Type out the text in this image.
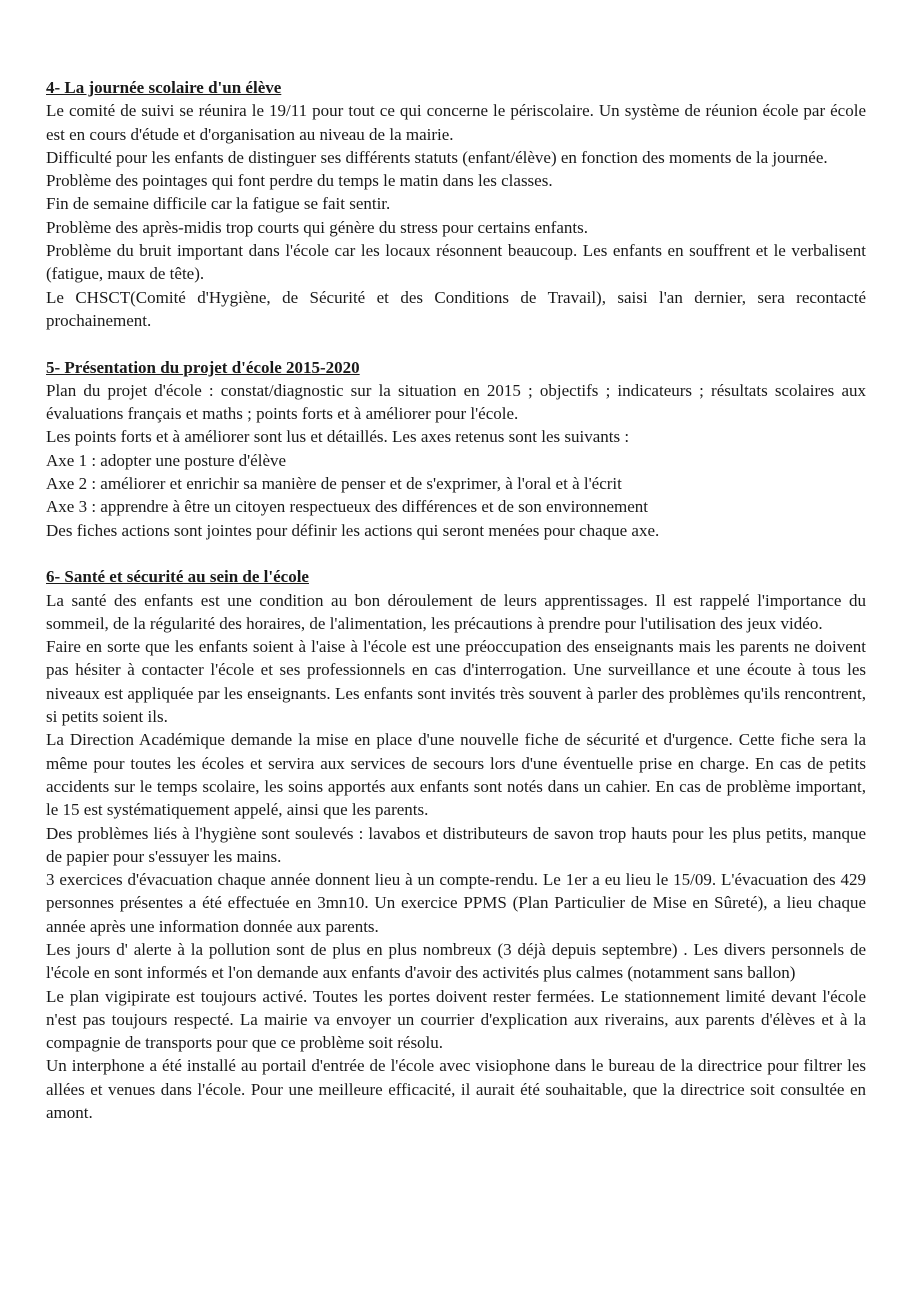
4- La journée scolaire d'un élève

Le comité de suivi se réunira le 19/11 pour tout ce qui concerne le périscolaire. Un système de réunion école par école est en cours d'étude et d'organisation au niveau de la mairie.

Difficulté pour les enfants de distinguer ses différents statuts (enfant/élève) en fonction des moments de la journée.

Problème des pointages qui font perdre du temps le matin dans les classes.

Fin de semaine difficile car la fatigue se fait sentir.

Problème des après-midis trop courts qui génère du stress pour certains enfants.

Problème du bruit important dans l'école car les locaux résonnent beaucoup. Les enfants en souffrent et le verbalisent (fatigue, maux de tête).

Le CHSCT(Comité d'Hygiène, de Sécurité et des Conditions de Travail), saisi l'an dernier, sera recontacté prochainement.

5- Présentation du projet d'école 2015-2020

Plan du projet d'école : constat/diagnostic sur la situation en 2015 ; objectifs ; indicateurs ; résultats scolaires aux évaluations français et maths ; points forts et à améliorer pour l'école.

Les points forts et à améliorer sont lus et détaillés. Les axes retenus sont les suivants :

Axe 1 : adopter une posture d'élève

Axe 2 : améliorer et enrichir sa manière de penser et de s'exprimer, à l'oral et à l'écrit

Axe 3 : apprendre à être un citoyen respectueux des différences et de son environnement

Des fiches actions sont jointes pour définir les actions qui seront menées pour chaque axe.

6- Santé et sécurité au sein de l'école

La santé des enfants est une condition au bon déroulement de leurs apprentissages. Il est rappelé l'importance du sommeil, de la régularité des horaires, de l'alimentation, les précautions à prendre pour l'utilisation des jeux vidéo.

Faire en sorte que les enfants soient à l'aise à l'école est une préoccupation des enseignants mais les parents ne doivent pas hésiter à contacter l'école et ses professionnels en cas d'interrogation. Une surveillance et une écoute à tous les niveaux est appliquée par les enseignants. Les enfants sont invités très souvent à parler des problèmes qu'ils rencontrent, si petits soient ils.

La Direction Académique demande la mise en place d'une nouvelle fiche de sécurité et d'urgence. Cette fiche sera la même pour toutes les écoles et servira aux services de secours lors d'une éventuelle prise en charge. En cas de petits accidents sur le temps scolaire, les soins apportés aux enfants sont notés dans un cahier. En cas de problème important, le 15 est systématiquement appelé, ainsi que les parents.

Des problèmes liés à l'hygiène sont soulevés : lavabos et distributeurs de savon trop hauts pour les plus petits, manque de papier pour s'essuyer les mains.

3 exercices d'évacuation chaque année donnent lieu à un compte-rendu. Le 1er a eu lieu le 15/09. L'évacuation des 429 personnes présentes a été effectuée en 3mn10. Un exercice PPMS (Plan Particulier de Mise en Sûreté), a lieu chaque année après une information donnée aux parents.

Les jours d' alerte à la pollution sont de plus en plus nombreux (3 déjà depuis septembre) . Les divers personnels de l'école en sont informés et l'on demande aux enfants d'avoir des activités plus calmes (notamment sans ballon)

Le plan vigipirate est toujours activé. Toutes les portes doivent rester fermées. Le stationnement limité devant l'école n'est pas toujours respecté. La mairie va envoyer un courrier d'explication aux riverains, aux parents d'élèves et à la compagnie de transports pour que ce problème soit résolu.

Un interphone a été installé au portail d'entrée de l'école avec visiophone dans le bureau de la directrice pour filtrer les allées et venues dans l'école. Pour une meilleure efficacité, il aurait été souhaitable, que la directrice soit consultée en amont.
